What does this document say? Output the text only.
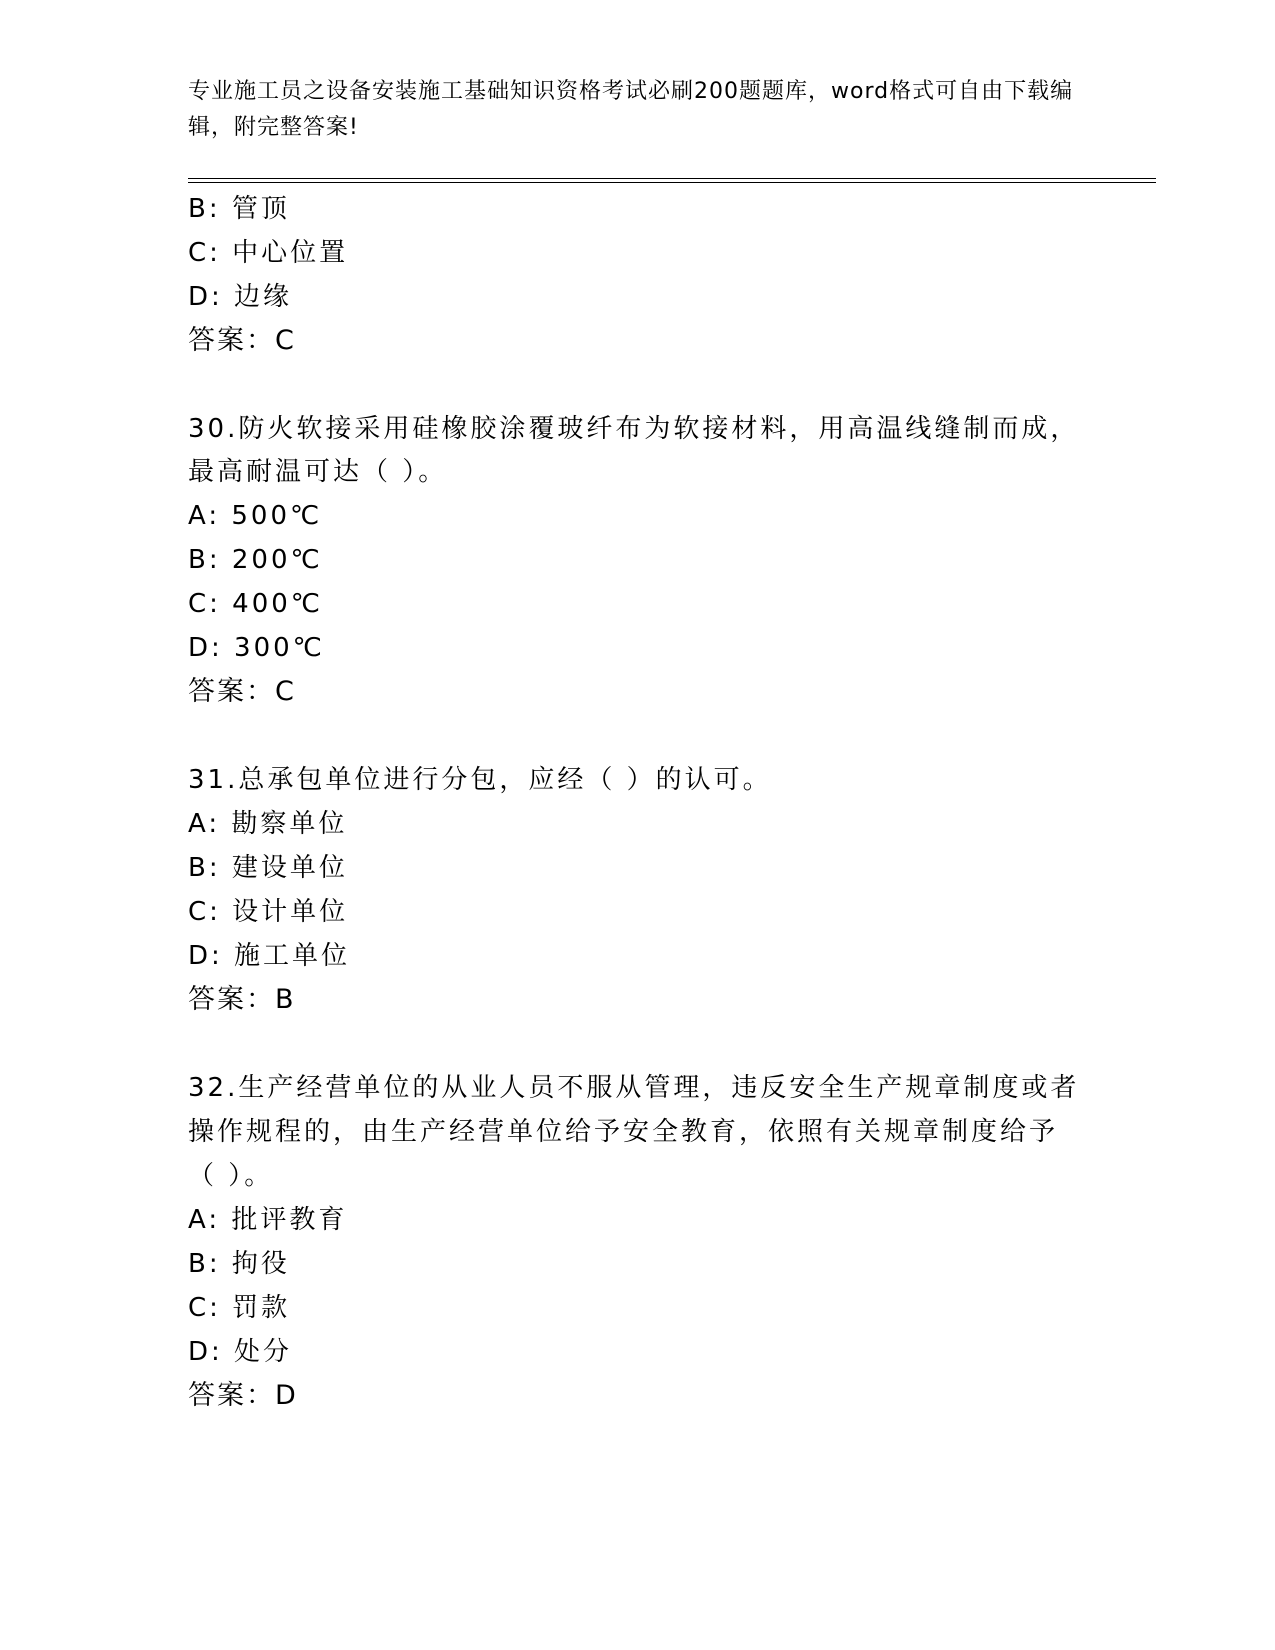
专业施工员之设备安装施工基础知识资格考试必刷200题题库，word格式可自由下载编辑，附完整答案!
B: 管顶
C: 中心位置
D: 边缘
答案：C
30.防火软接采用硅橡胶涂覆玻纤布为软接材料，用高温线缝制而成，
最高耐温可达（ ）。
A: 500℃
B: 200℃
C: 400℃
D: 300℃
答案：C
31.总承包单位进行分包，应经（ ）的认可。
A: 勘察单位
B: 建设单位
C: 设计单位
D: 施工单位
答案：B
32.生产经营单位的从业人员不服从管理，违反安全生产规章制度或者
操作规程的，由生产经营单位给予安全教育，依照有关规章制度给予
（ ）。
A: 批评教育
B: 拘役
C: 罚款
D: 处分
答案：D
